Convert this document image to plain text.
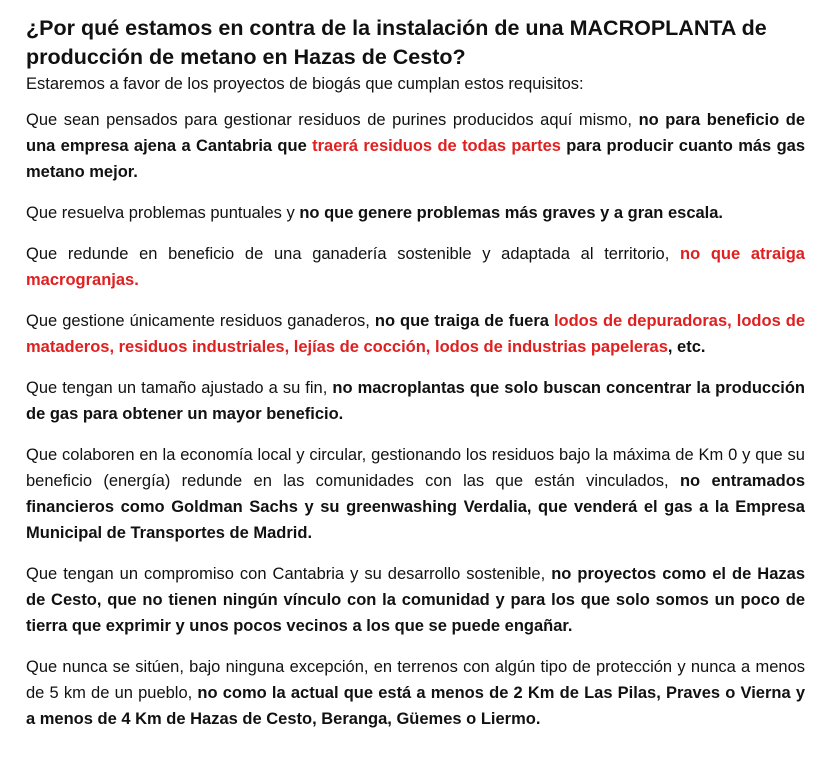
¿Por qué estamos en contra de la instalación de una MACROPLANTA de producción de metano en Hazas de Cesto?
Estaremos a favor de los proyectos de biogás que cumplan estos requisitos:

Que sean pensados para gestionar residuos de purines producidos aquí mismo, no para beneficio de una empresa ajena a Cantabria que traerá residuos de todas partes para producir cuanto más gas metano mejor.

Que resuelva problemas puntuales y no que genere problemas más graves y a gran escala.

Que redunde en beneficio de una ganadería sostenible y adaptada al territorio, no que atraiga macrogranjas.

Que gestione únicamente residuos ganaderos, no que traiga de fuera lodos de depuradoras, lodos de mataderos, residuos industriales, lejías de cocción, lodos de industrias papeleras, etc.

Que tengan un tamaño ajustado a su fin, no macroplantas que solo buscan concentrar la producción de gas para obtener un mayor beneficio.

Que colaboren en la economía local y circular, gestionando los residuos bajo la máxima de Km 0 y que su beneficio (energía) redunde en las comunidades con las que están vinculados, no entramados financieros como Goldman Sachs y su greenwashing Verdalia, que venderá el gas a la Empresa Municipal de Transportes de Madrid.

Que tengan un compromiso con Cantabria y su desarrollo sostenible, no proyectos como el de Hazas de Cesto, que no tienen ningún vínculo con la comunidad y para los que solo somos un poco de tierra que exprimir y unos pocos vecinos a los que se puede engañar.

Que nunca se sitúen, bajo ninguna excepción, en terrenos con algún tipo de protección y nunca a menos de 5 km de un pueblo, no como la actual que está a menos de 2 Km de Las Pilas, Praves o Vierna y a menos de 4 Km de Hazas de Cesto, Beranga, Güemes o Liermo.
